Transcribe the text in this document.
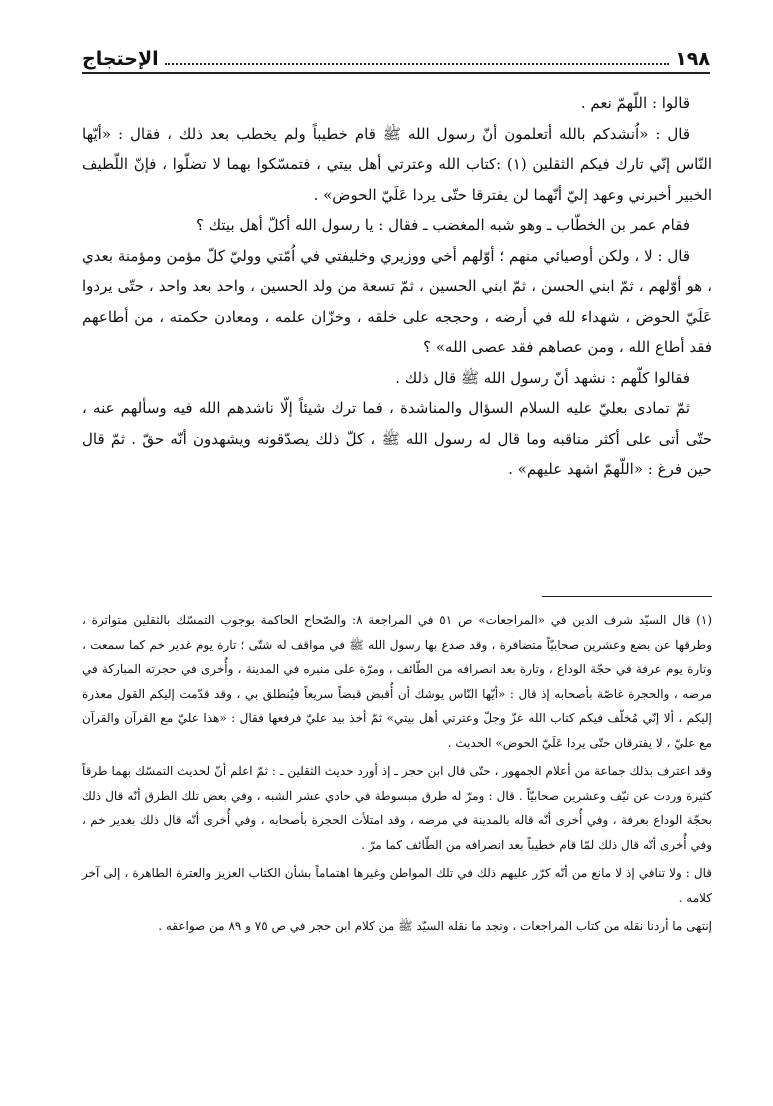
١٩٨
الإحتجاج

قالوا : اللّهمّ نعم .

قال : «اُنشدكم بالله أتعلمون أنّ رسول الله ﷺ قام خطيباً ولم يخطب بعد ذلك ، فقال : «أيّها النّاس إنّي تارك فيكم الثقلين (١) :كتاب الله وعترتي أهل بيتي ، فتمسّكوا بهما لا تضلّوا ، فإنّ اللّطيف الخبير أخبرني وعهد إليّ أنّهما لن يفترقا حتّى يردا عَلَيّ الحوض» .

فقام عمر بن الخطّاب ـ وهو شبه المغضب ـ فقال : يا رسول الله أكلّ أهل بيتك ؟

قال : لا ، ولكن أوصيائي منهم ؛ أوّلهم أخي ووزيري وخليفتي في اُمّتي ووليّ كلّ مؤمن ومؤمنة بعدي ، هو أوّلهم ، ثمّ ابني الحسن ، ثمّ ابني الحسين ، ثمّ تسعة من ولد الحسين ، واحد بعد واحد ، حتّى يردوا عَلَيّ الحوض ، شهداء لله في أرضه ، وحججه على خلقه ، وخزّان علمه ، ومعادن حكمته ، من أطاعهم فقد أطاع الله ، ومن عصاهم فقد عصى الله» ؟

فقالوا كلّهم : نشهد أنّ رسول الله ﷺ قال ذلك .

ثمّ تمادى بعليّ عليه السلام السؤال والمناشدة ، فما ترك شيئاً إلّا ناشدهم الله فيه وسألهم عنه ، حتّى أتى على أكثر مناقبه وما قال له رسول الله ﷺ ، كلّ ذلك يصدّقونه ويشهدون أنّه حقّ . ثمّ قال حين فرغ : «اللّهمّ اشهد عليهم» .

(١) قال السيّد شرف الدين في «المراجعات» ص ٥١ في المراجعة ٨: والصّحاح الحاكمة بوجوب التمسّك بالثقلين متواترة ، وطرقها عن بضع وعشرين صحابيّاً متضافرة ، وقد صدع بها رسول الله ﷺ في مواقف له شتّى ؛ تارة يوم غدير خم كما سمعت ، وتارة يوم عرفة في حجّة الوداع ، وتارة بعد انصرافه من الطّائف ، ومرّة على منبره في المدينة ، وأُخرى في حجرته المباركة في مرضه ، والحجرة غاصّة بأصحابه إذ قال : «أيّها النّاس يوشك أن أُقبض قبضاً سريعاً فيُنطلق بي ، وقد قدّمت إليكم القول معذرة إليكم ، ألا إنّي مُخلّف فيكم كتاب الله عزّ وجلّ وعترتي أهل بيتي» ثمّ أخذ بيد عليّ فرفعها فقال : «هذا عليّ مع القرآن والقرآن مع عليّ ، لا يفترقان حتّى يردا عَلَيّ الحوض» الحديث .

وقد اعترف بذلك جماعة من أعلام الجمهور ، حتّى قال ابن حجر ـ إذ أورد حديث الثقلين ـ : ثمّ اعلم أنّ لحديث التمسّك بهما طرقاً كثيرة وردت عن نيّف وعشرين صحابيّاً . قال : ومرّ له طرق مبسوطة في حادي عشر الشبه ، وفي بعض تلك الطرق أنّه قال ذلك بحجّة الوداع بعرفة ، وفي أُخرى أنّه قاله بالمدينة في مرضه ، وقد امتلأت الحجرة بأصحابه ، وفي أُخرى أنّه قال ذلك بغدير خم ، وفي أُخرى أنّه قال ذلك لمّا قام خطيباً بعد انصرافه من الطّائف كما مرّ .

قال : ولا تنافي إذ لا مانع من أنّه كرّر عليهم ذلك في تلك المواطن وغيرها اهتماماً بشأن الكتاب العزيز والعترة الطاهرة ، إلى آخر كلامه .

إنتهى ما أردنا نقله من كتاب المراجعات ، وتجد ما نقله السيّد ﷺ من كلام ابن حجر في ص ٧٥ و ٨٩ من صواعقه .
